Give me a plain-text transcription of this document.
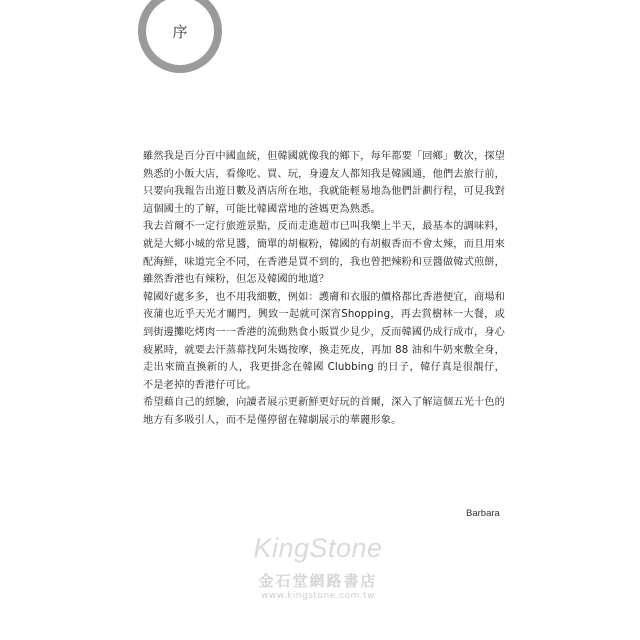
序

雖然我是百分百中國血統，但韓國就像我的鄉下，每年都要「回鄉」數次，探望熟悉的小飯大店，看像吃、買、玩，身邊友人都知我是韓國通，他們去旅行前，只要向我報告出遊日數及酒店所在地，我就能輕易地為他們計劃行程，可見我對這個國土的了解，可能比韓國當地的爸媽更為熟悉。

我去首爾不一定行旅遊景點，反而走進超市已叫我樂上半天，最基本的調味料，就是大鄉小城的常見醬，簡單的胡椒粉，韓國的有胡椒香而不會太辣，而且用來配海鮮，味道完全不同，在香港是買不到的，我也曾把辣粉和豆醬做韓式煎餅，雖然香港也有辣粉，但怎及韓國的地道？

韓國好處多多，也不用我細數，例如：護膚和衣服的價格都比香港便宜，商場和夜蒲也近乎天光才關門，興致一起就可深宵Shopping，再去賞樹林一大餐，或到街邊攤吃烤肉一一香港的流動熟食小販買少見少，反而韓國仍成行成市，身心疲累時，就要去汗蒸幕找阿朱媽按摩，換走死皮，再加 88 油和牛奶來敷全身，走出來簡直換新的人，我更掛念在韓國 Clubbing 的日子，韓仔真是很靚仔，不是老掉的香港仔可比。

希望藉自己的經驗，向讀者展示更新鮮更好玩的首爾，深入了解這個五光十色的地方有多吸引人，而不是僅停留在韓劇展示的華麗形象。

Barbara
KingStone
金石堂網路書店
www.kingstone.com.tw
